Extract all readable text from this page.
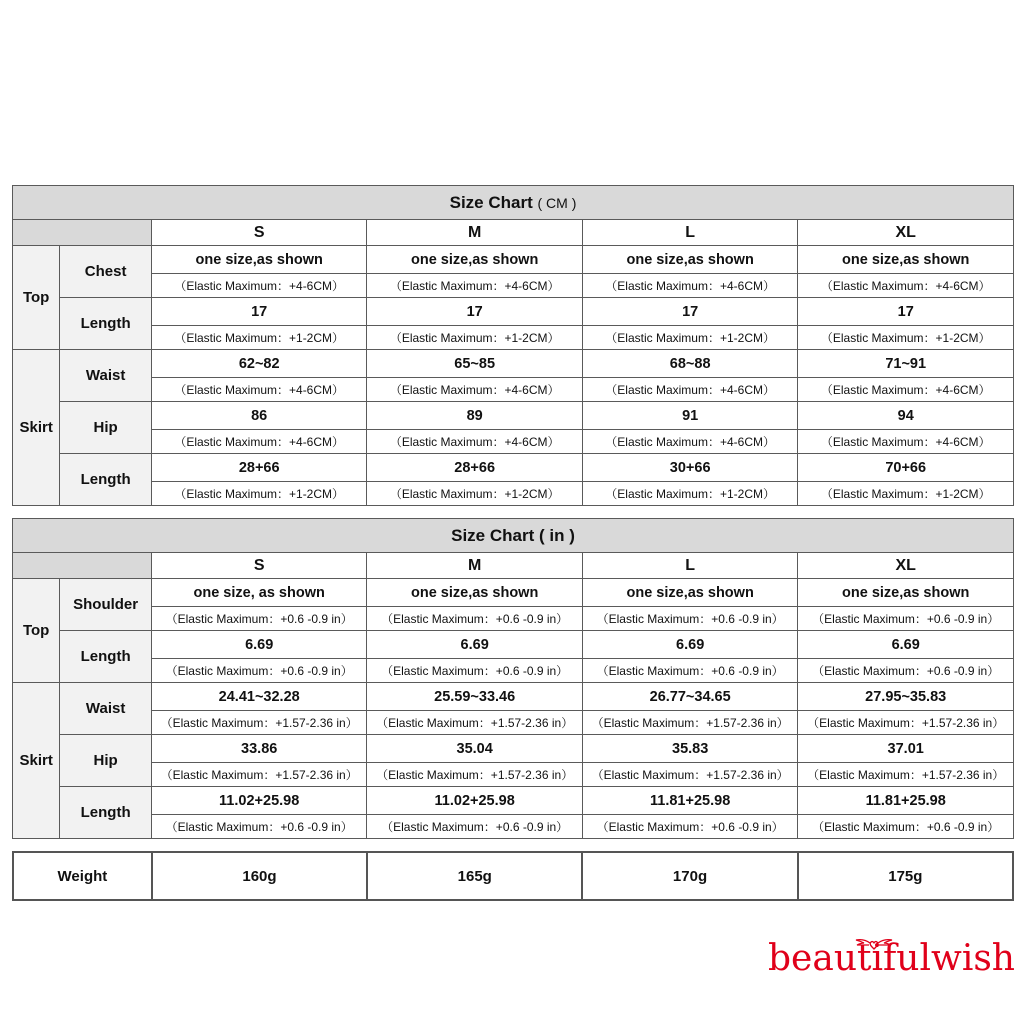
Size Chart ( CM )					
		S	M	L	XL
Top	Chest	one size,as shown	one size,as shown	one size,as shown	one size,as shown
		（Elastic Maximum：+4-6CM）	（Elastic Maximum：+4-6CM）	（Elastic Maximum：+4-6CM）	（Elastic Maximum：+4-6CM）
	Length	17	17	17	17
		（Elastic Maximum：+1-2CM）	（Elastic Maximum：+1-2CM）	（Elastic Maximum：+1-2CM）	（Elastic Maximum：+1-2CM）
Skirt	Waist	62~82	65~85	68~88	71~91
		（Elastic Maximum：+4-6CM）	（Elastic Maximum：+4-6CM）	（Elastic Maximum：+4-6CM）	（Elastic Maximum：+4-6CM）
	Hip	86	89	91	94
		（Elastic Maximum：+4-6CM）	（Elastic Maximum：+4-6CM）	（Elastic Maximum：+4-6CM）	（Elastic Maximum：+4-6CM）
	Length	28+66	28+66	30+66	70+66
		（Elastic Maximum：+1-2CM）	（Elastic Maximum：+1-2CM）	（Elastic Maximum：+1-2CM）	（Elastic Maximum：+1-2CM）
Size Chart ( in )					
		S	M	L	XL
Top	Shoulder	one size, as shown	one size,as shown	one size,as shown	one size,as shown
		（Elastic Maximum：+0.6 -0.9 in）	（Elastic Maximum：+0.6 -0.9 in）	（Elastic Maximum：+0.6 -0.9 in）	（Elastic Maximum：+0.6 -0.9 in）
	Length	6.69	6.69	6.69	6.69
		（Elastic Maximum：+0.6 -0.9 in）	（Elastic Maximum：+0.6 -0.9 in）	（Elastic Maximum：+0.6 -0.9 in）	（Elastic Maximum：+0.6 -0.9 in）
Skirt	Waist	24.41~32.28	25.59~33.46	26.77~34.65	27.95~35.83
		（Elastic Maximum：+1.57-2.36 in）	（Elastic Maximum：+1.57-2.36 in）	（Elastic Maximum：+1.57-2.36 in）	（Elastic Maximum：+1.57-2.36 in）
	Hip	33.86	35.04	35.83	37.01
		（Elastic Maximum：+1.57-2.36 in）	（Elastic Maximum：+1.57-2.36 in）	（Elastic Maximum：+1.57-2.36 in）	（Elastic Maximum：+1.57-2.36 in）
	Length	11.02+25.98	11.02+25.98	11.81+25.98	11.81+25.98
		（Elastic Maximum：+0.6 -0.9 in）	（Elastic Maximum：+0.6 -0.9 in）	（Elastic Maximum：+0.6 -0.9 in）	（Elastic Maximum：+0.6 -0.9 in）
Weight	160g	165g	170g	175g
beautifulwish
